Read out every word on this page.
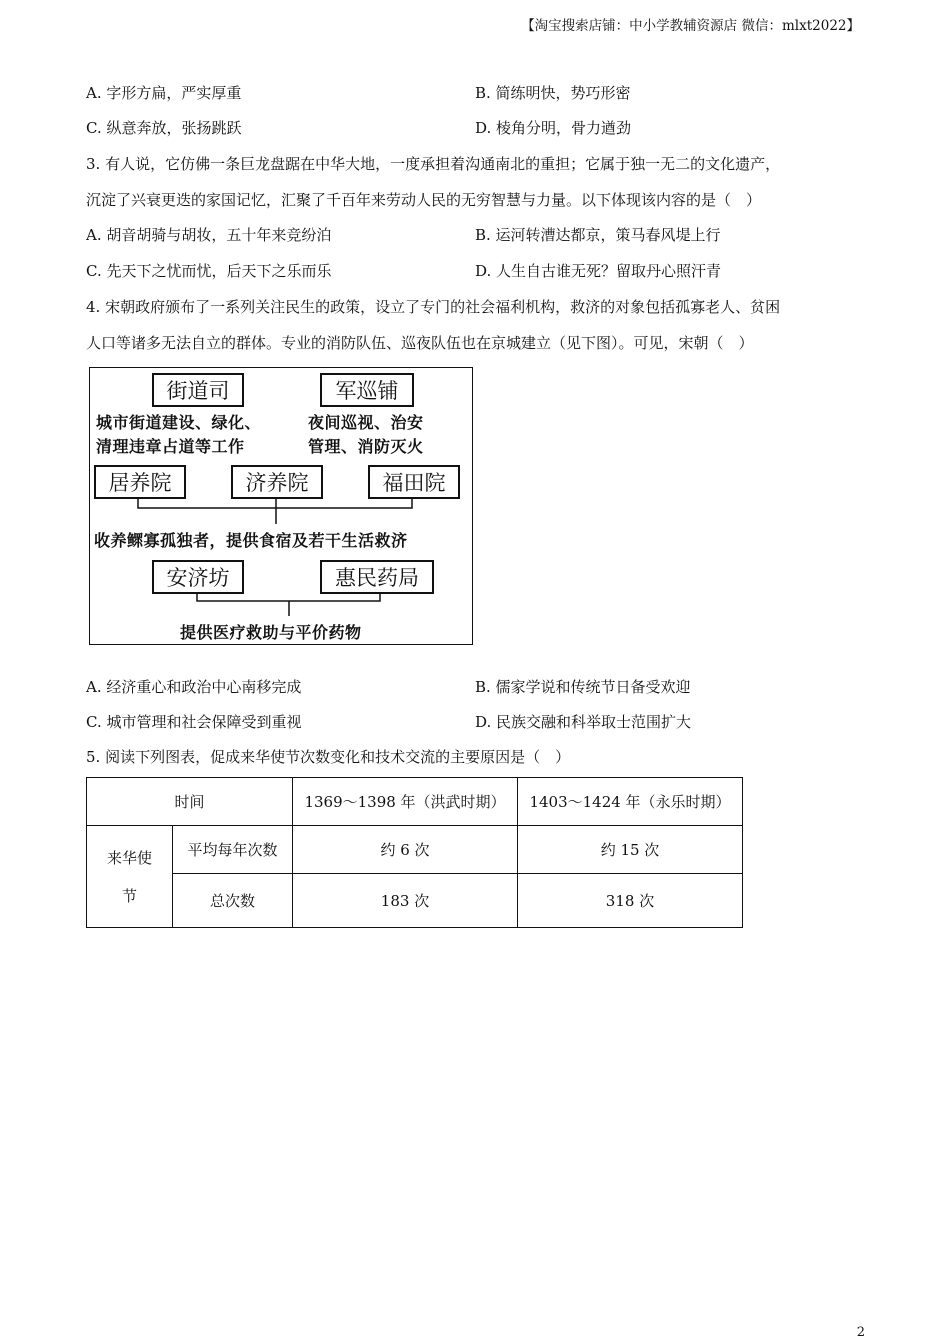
【淘宝搜索店铺：中小学教辅资源店 微信：mlxt2022】
A. 字形方扁，严实厚重	B. 简练明快，势巧形密
C. 纵意奔放，张扬跳跃	D. 棱角分明，骨力遒劲
3. 有人说，它仿佛一条巨龙盘踞在中华大地，一度承担着沟通南北的重担；它属于独一无二的文化遗产，
沉淀了兴衰更迭的家国记忆，汇聚了千百年来劳动人民的无穷智慧与力量。以下体现该内容的是（　）
A. 胡音胡骑与胡妆，五十年来竞纷泊	B. 运河转漕达都京，策马春风堤上行
C. 先天下之忧而忧，后天下之乐而乐	D. 人生自古谁无死？留取丹心照汗青
4. 宋朝政府颁布了一系列关注民生的政策，设立了专门的社会福利机构，救济的对象包括孤寡老人、贫困
人口等诸多无法自立的群体。专业的消防队伍、巡夜队伍也在京城建立（见下图）。可见，宋朝（　）
街道司	军巡铺
城市街道建设、绿化、
清理违章占道等工作
夜间巡视、治安
管理、消防灭火
居养院	济养院	福田院
收养鳏寡孤独者，提供食宿及若干生活救济
安济坊	惠民药局
提供医疗救助与平价药物
A. 经济重心和政治中心南移完成	B. 儒家学说和传统节日备受欢迎
C. 城市管理和社会保障受到重视	D. 民族交融和科举取士范围扩大
5. 阅读下列图表，促成来华使节次数变化和技术交流的主要原因是（　）
时间		1369～1398 年（洪武时期）	1403～1424 年（永乐时期）
来华使
节	平均每年次数	约 6 次	约 15 次
	总次数	183 次	318 次
2
